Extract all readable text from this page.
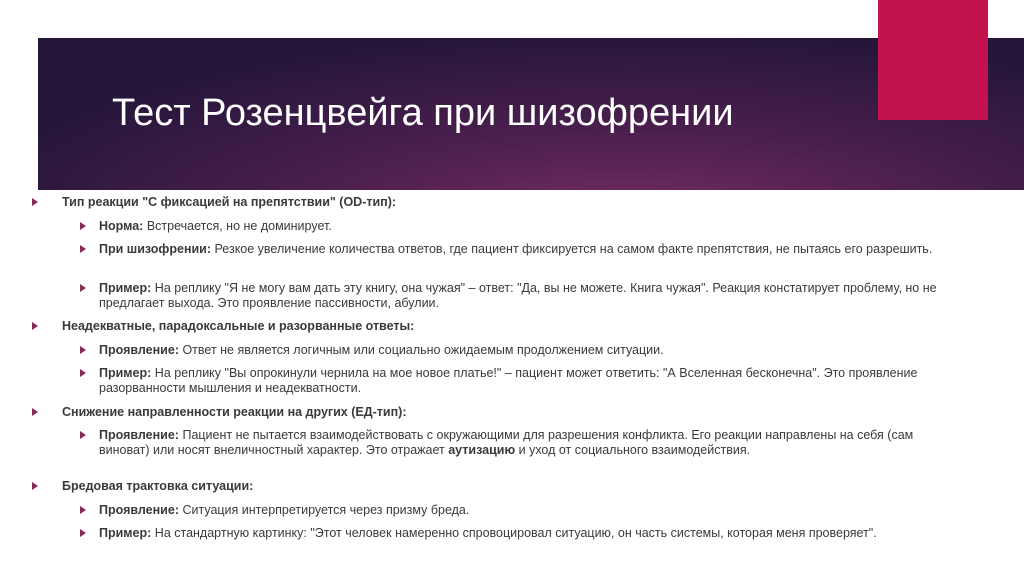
Тест Розенцвейга при шизофрении
Тип реакции "С фиксацией на препятствии" (OD-тип):
Норма: Встречается, но не доминирует.
При шизофрении: Резкое увеличение количества ответов, где пациент фиксируется на самом факте препятствия, не пытаясь его разрешить.
Пример: На реплику "Я не могу вам дать эту книгу, она чужая" – ответ: "Да, вы не можете. Книга чужая". Реакция констатирует проблему, но не предлагает выхода. Это проявление пассивности, абулии.
Неадекватные, парадоксальные и разорванные ответы:
Проявление: Ответ не является логичным или социально ожидаемым продолжением ситуации.
Пример: На реплику "Вы опрокинули чернила на мое новое платье!" – пациент может ответить: "А Вселенная бесконечна". Это проявление разорванности мышления и неадекватности.
Снижение направленности реакции на других (ЕД-тип):
Проявление: Пациент не пытается взаимодействовать с окружающими для разрешения конфликта. Его реакции направлены на себя (сам виноват) или носят внеличностный характер. Это отражает аутизацию и уход от социального взаимодействия.
Бредовая трактовка ситуации:
Проявление: Ситуация интерпретируется через призму бреда.
Пример: На стандартную картинку: "Этот человек намеренно спровоцировал ситуацию, он часть системы, которая меня проверяет".
